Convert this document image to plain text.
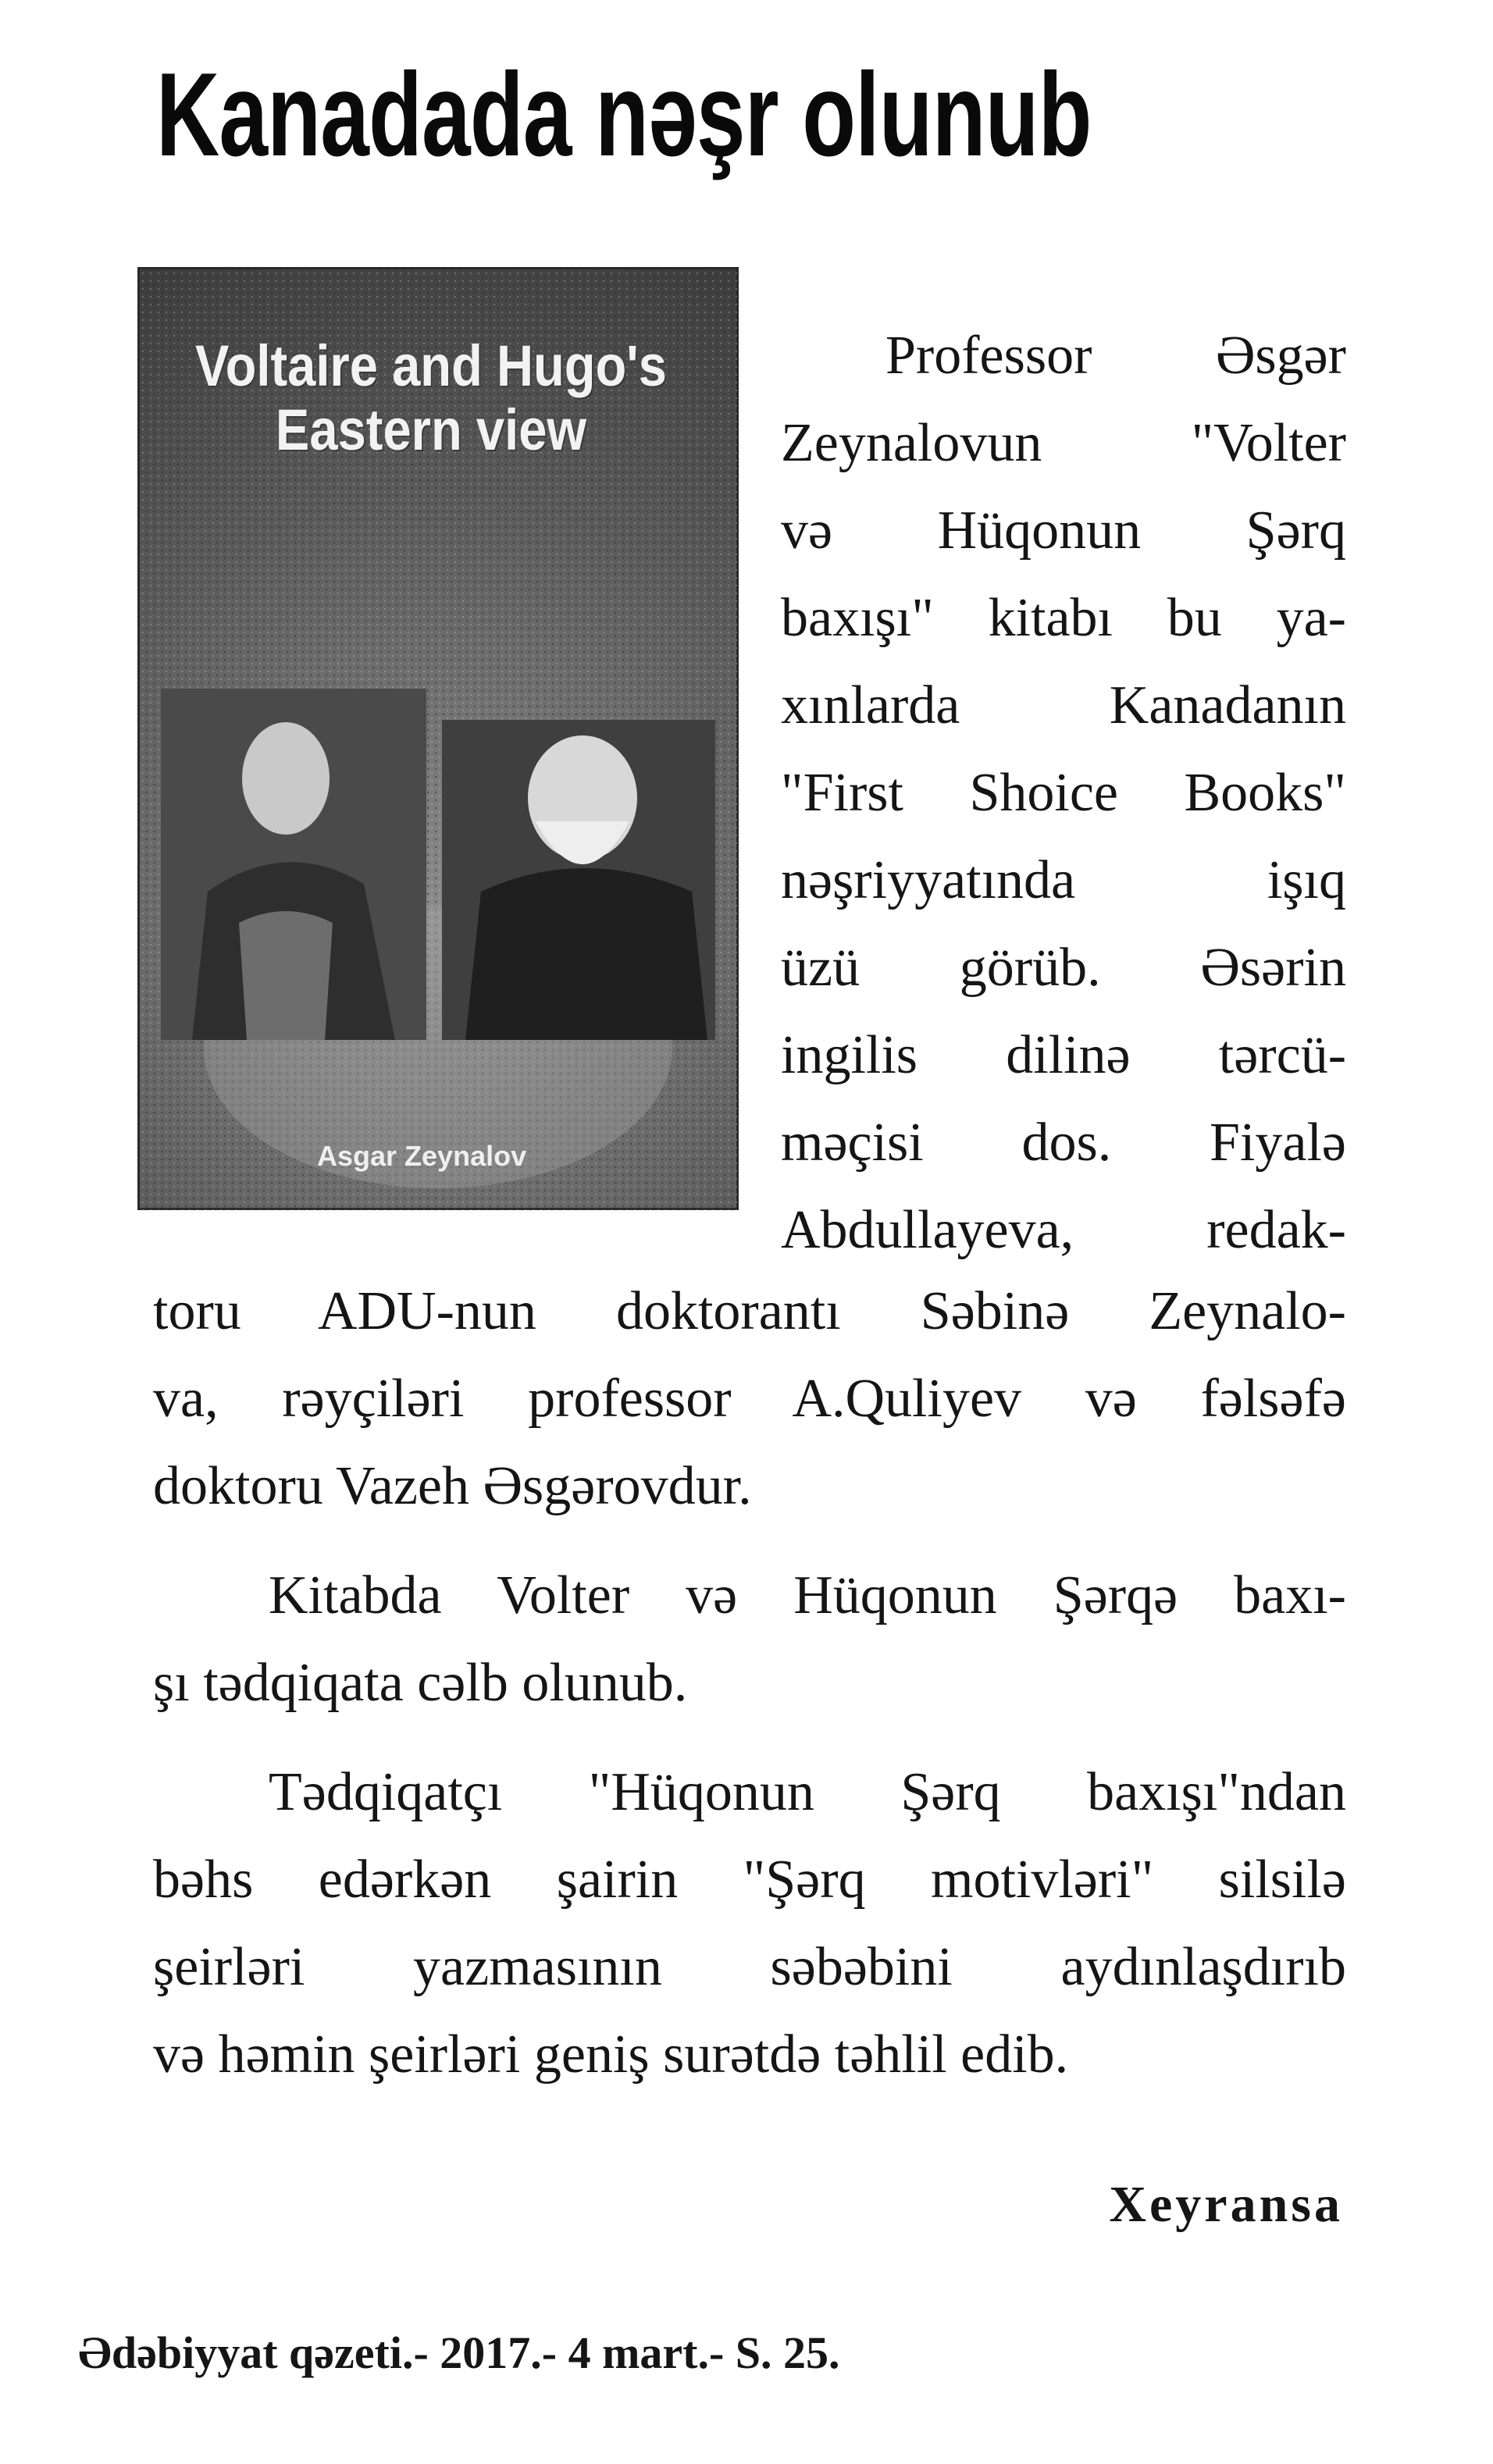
Kanadada nəşr olunub
Voltaire and Hugo's
Eastern view
Asgar Zeynalov
Professor Əsgər
Zeynalovun "Volter
və Hüqonun Şərq
baxışı" kitabı bu ya-
xınlarda Kanadanın
"First Shoice Books"
nəşriyyatında işıq
üzü görüb. Əsərin
ingilis dilinə tərcü-
məçisi dos. Fiyalə
Abdullayeva, redak-
toru ADU-nun doktorantı Səbinə Zeynalo-
va, rəyçiləri professor A.Quliyev və fəlsəfə
doktoru Vazeh Əsgərovdur.
Kitabda Volter və Hüqonun Şərqə baxı-
şı tədqiqata cəlb olunub.
Tədqiqatçı "Hüqonun Şərq baxışı"ndan
bəhs edərkən şairin "Şərq motivləri" silsilə
şeirləri yazmasının səbəbini aydınlaşdırıb
və həmin şeirləri geniş surətdə təhlil edib.
Xeyransa
Ədəbiyyat qəzeti.- 2017.- 4 mart.- S. 25.
